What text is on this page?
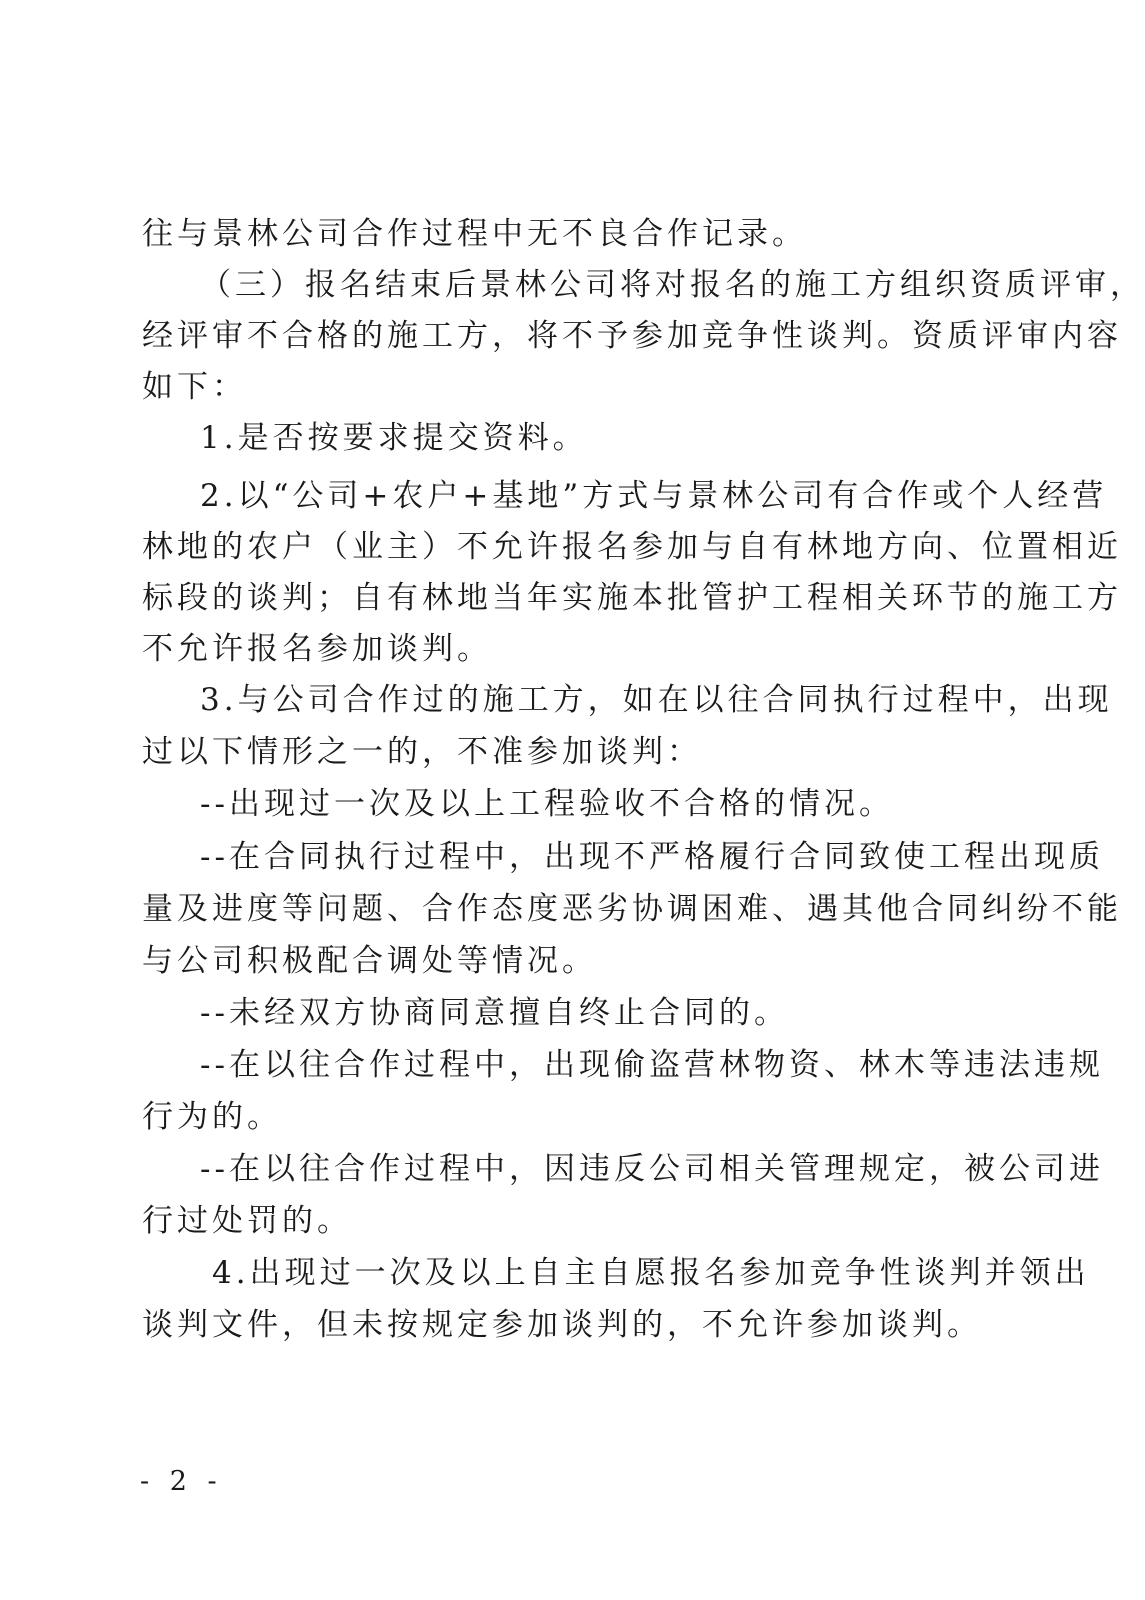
往与景林公司合作过程中无不良合作记录。
（三）报名结束后景林公司将对报名的施工方组织资质评审，
经评审不合格的施工方，将不予参加竞争性谈判。资质评审内容
如下：
1.是否按要求提交资料。
2.以“公司+农户+基地”方式与景林公司有合作或个人经营
林地的农户（业主）不允许报名参加与自有林地方向、位置相近
标段的谈判；自有林地当年实施本批管护工程相关环节的施工方
不允许报名参加谈判。
3.与公司合作过的施工方，如在以往合同执行过程中，出现
过以下情形之一的，不准参加谈判：
--出现过一次及以上工程验收不合格的情况。
--在合同执行过程中，出现不严格履行合同致使工程出现质
量及进度等问题、合作态度恶劣协调困难、遇其他合同纠纷不能
与公司积极配合调处等情况。
--未经双方协商同意擅自终止合同的。
--在以往合作过程中，出现偷盗营林物资、林木等违法违规
行为的。
--在以往合作过程中，因违反公司相关管理规定，被公司进
行过处罚的。
4.出现过一次及以上自主自愿报名参加竞争性谈判并领出
谈判文件，但未按规定参加谈判的，不允许参加谈判。
- 2 -
